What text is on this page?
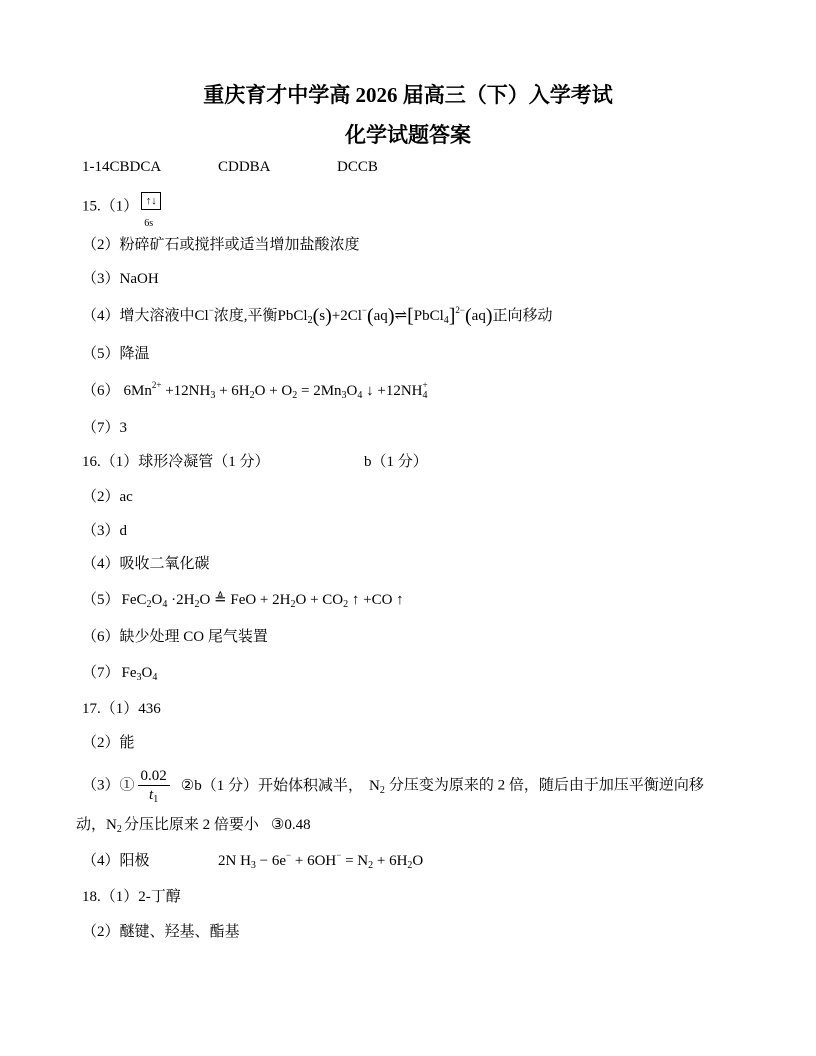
重庆育才中学高 2026 届高三（下）入学考试
化学试题答案
1-14CBDCA	CDDBA	DCCB
15.（1） ↑↓
6s
（2）粉碎矿石或搅拌或适当增加盐酸浓度
（3）NaOH
（4）增大溶液中Cl−浓度,平衡PbCl$_2$(s)+2Cl−(aq)⇌[PbCl$_4$]$^{2-}$(aq)正向移动
（5）降温
（6） $6Mn^{2+} +12NH_3 + 6H_2O + O_2 = 2Mn_3O_4$ ↓ $+12NH_4^+$
（7）3
16.（1）球形冷凝管（1 分）	b（1 分）
（2）ac
（3）d
（4）吸收二氧化碳
（5） $FeC_2O_4 \cdot 2H_2O$ ≜ FeO + $2H_2O + CO_2$ ↑ +CO ↑
（6）缺少处理 CO 尾气装置
（7） $Fe_3O_4$
17.（1）436
（2）能
（3）① $\frac{0.02}{t_1}$ ②b（1 分）开始体积减半， $N_2$ 分压变为原来的 2 倍，随后由于加压平衡逆向移
动，$N_2$ 分压比原来 2 倍要小 ③0.48
（4）阳极	2N $H_3 - 6e^- + 6OH^- = N_2 + 6H_2O$
18.（1）2-丁醇
（2）醚键、羟基、酯基
